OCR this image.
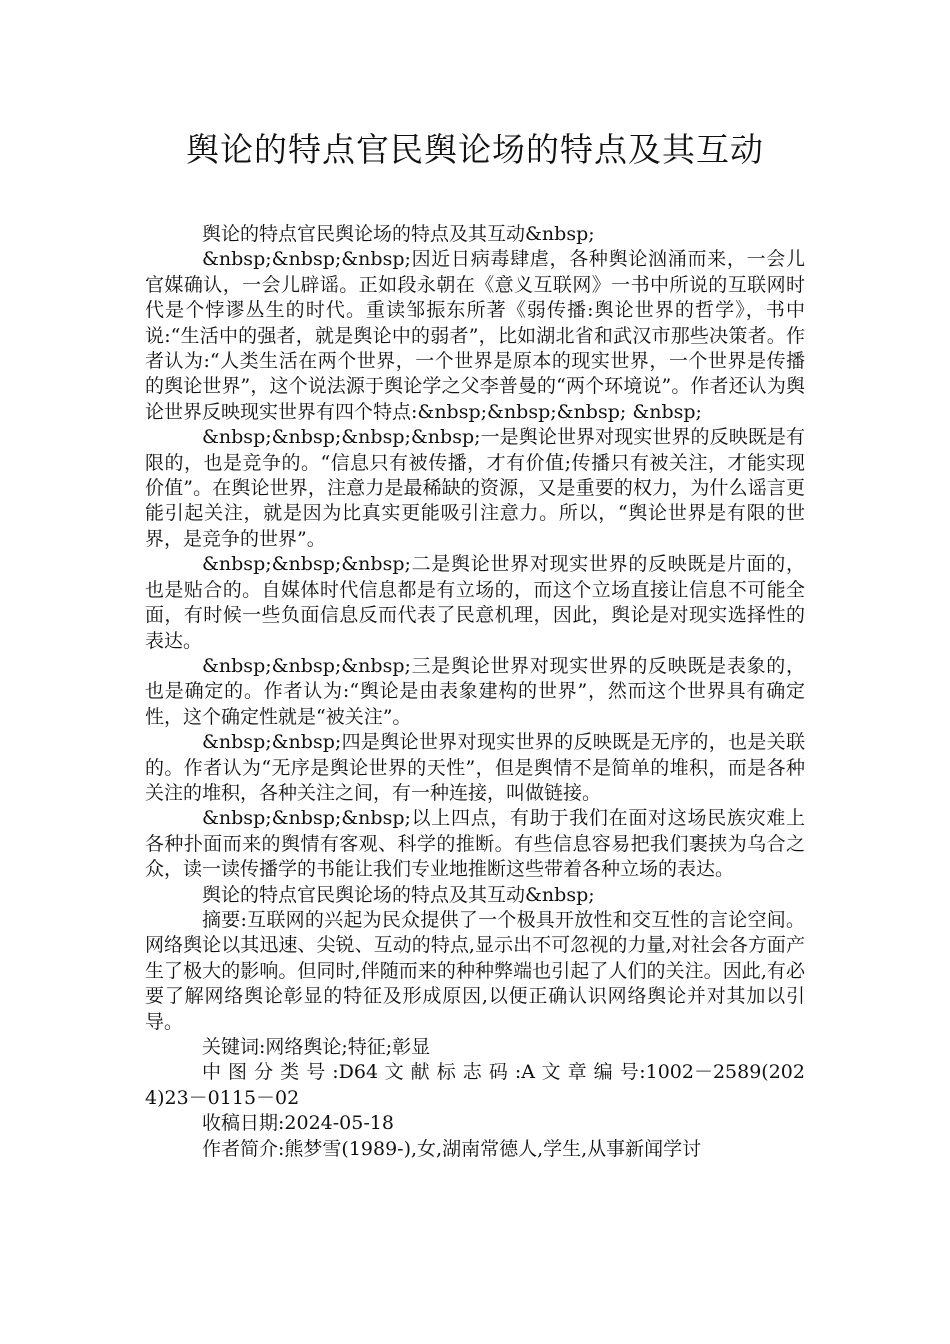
舆论的特点官民舆论场的特点及其互动

舆论的特点官民舆论场的特点及其互动&nbsp;

&nbsp;&nbsp;&nbsp;因近日病毒肆虐，各种舆论汹涌而来，一会儿官媒确认，一会儿辟谣。正如段永朝在《意义互联网》一书中所说的互联网时代是个悖谬丛生的时代。重读邹振东所著《弱传播:舆论世界的哲学》，书中说:“生活中的强者，就是舆论中的弱者”，比如湖北省和武汉市那些决策者。作者认为:“人类生活在两个世界，一个世界是原本的现实世界，一个世界是传播的舆论世界”，这个说法源于舆论学之父李普曼的“两个环境说”。作者还认为舆论世界反映现实世界有四个特点:&nbsp;&nbsp;&nbsp; &nbsp;

&nbsp;&nbsp;&nbsp;&nbsp;一是舆论世界对现实世界的反映既是有限的，也是竞争的。“信息只有被传播，才有价值;传播只有被关注，才能实现价值”。在舆论世界，注意力是最稀缺的资源，又是重要的权力，为什么谣言更能引起关注，就是因为比真实更能吸引注意力。所以，“舆论世界是有限的世界，是竞争的世界”。

&nbsp;&nbsp;&nbsp;二是舆论世界对现实世界的反映既是片面的，也是贴合的。自媒体时代信息都是有立场的，而这个立场直接让信息不可能全面，有时候一些负面信息反而代表了民意机理，因此，舆论是对现实选择性的表达。

&nbsp;&nbsp;&nbsp;三是舆论世界对现实世界的反映既是表象的，也是确定的。作者认为:“舆论是由表象建构的世界”，然而这个世界具有确定性，这个确定性就是“被关注”。

&nbsp;&nbsp;四是舆论世界对现实世界的反映既是无序的，也是关联的。作者认为“无序是舆论世界的天性”，但是舆情不是简单的堆积，而是各种关注的堆积，各种关注之间，有一种连接，叫做链接。

&nbsp;&nbsp;&nbsp;以上四点，有助于我们在面对这场民族灾难上各种扑面而来的舆情有客观、科学的推断。有些信息容易把我们裹挟为乌合之众，读一读传播学的书能让我们专业地推断这些带着各种立场的表达。

舆论的特点官民舆论场的特点及其互动&nbsp;

摘要:互联网的兴起为民众提供了一个极具开放性和交互性的言论空间。网络舆论以其迅速、尖锐、互动的特点,显示出不可忽视的力量,对社会各方面产生了极大的影响。但同时,伴随而来的种种弊端也引起了人们的关注。因此,有必要了解网络舆论彰显的特征及形成原因,以便正确认识网络舆论并对其加以引导。

关键词:网络舆论;特征;彰显

中 图 分 类 号 :D64 文 献 标 志 码 :A 文 章 编 号:1002－2589(2024)23－0115－02

收稿日期:2024-05-18

作者简介:熊梦雪(1989-),女,湖南常德人,学生,从事新闻学讨
